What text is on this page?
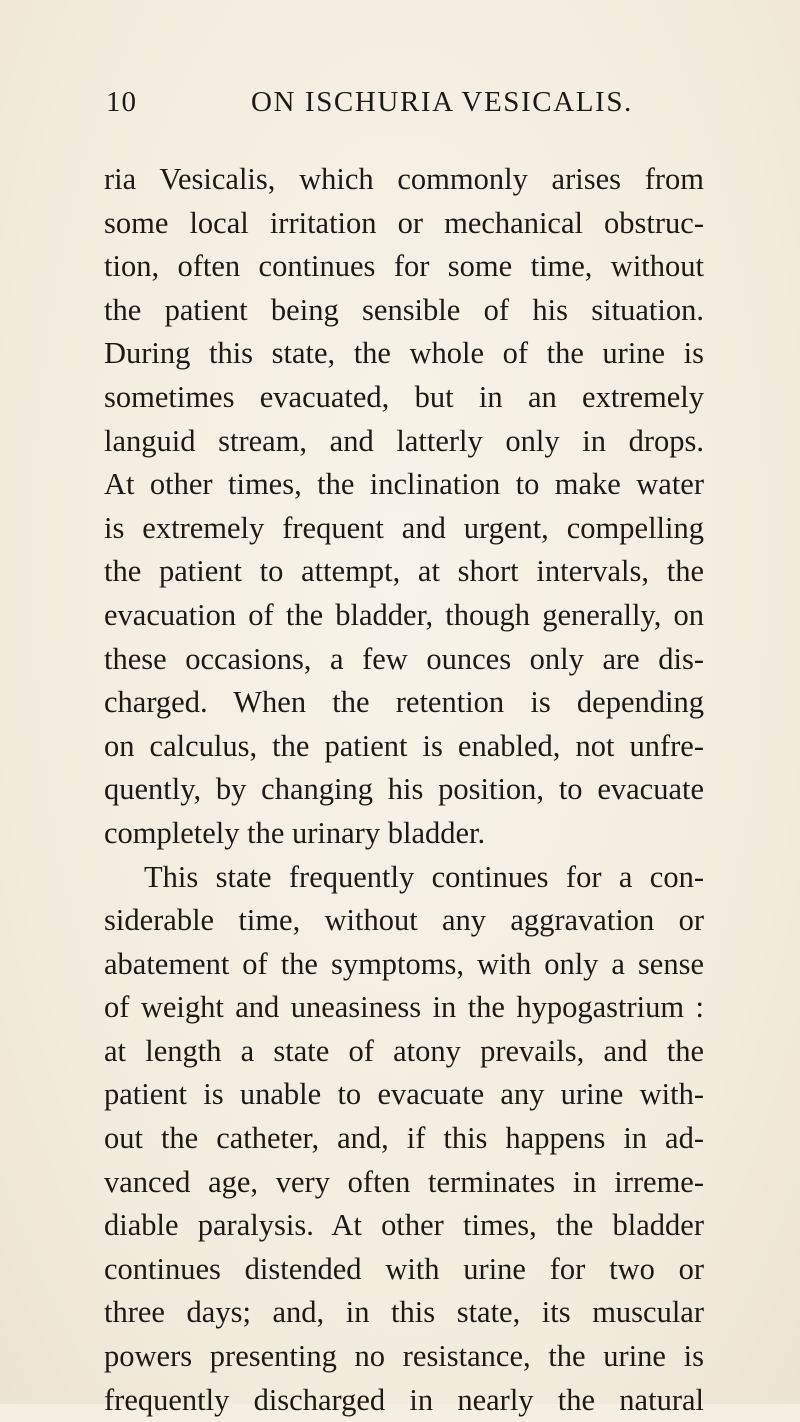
10	ON ISCHURIA VESICALIS.
ria Vesicalis, which commonly arises from
some local irritation or mechanical obstruc-
tion, often continues for some time, without
the patient being sensible of his situation.
During this state, the whole of the urine is
sometimes evacuated, but in an extremely
languid stream, and latterly only in drops.
At other times, the inclination to make water
is extremely frequent and urgent, compelling
the patient to attempt, at short intervals, the
evacuation of the bladder, though generally, on
these occasions, a few ounces only are dis-
charged. When the retention is depending
on calculus, the patient is enabled, not unfre-
quently, by changing his position, to evacuate
completely the urinary bladder.
This state frequently continues for a con-
siderable time, without any aggravation or
abatement of the symptoms, with only a sense
of weight and uneasiness in the hypogastrium :
at length a state of atony prevails, and the
patient is unable to evacuate any urine with-
out the catheter, and, if this happens in ad-
vanced age, very often terminates in irreme-
diable paralysis. At other times, the bladder
continues distended with urine for two or
three days; and, in this state, its muscular
powers presenting no resistance, the urine is
frequently discharged in nearly the natural
